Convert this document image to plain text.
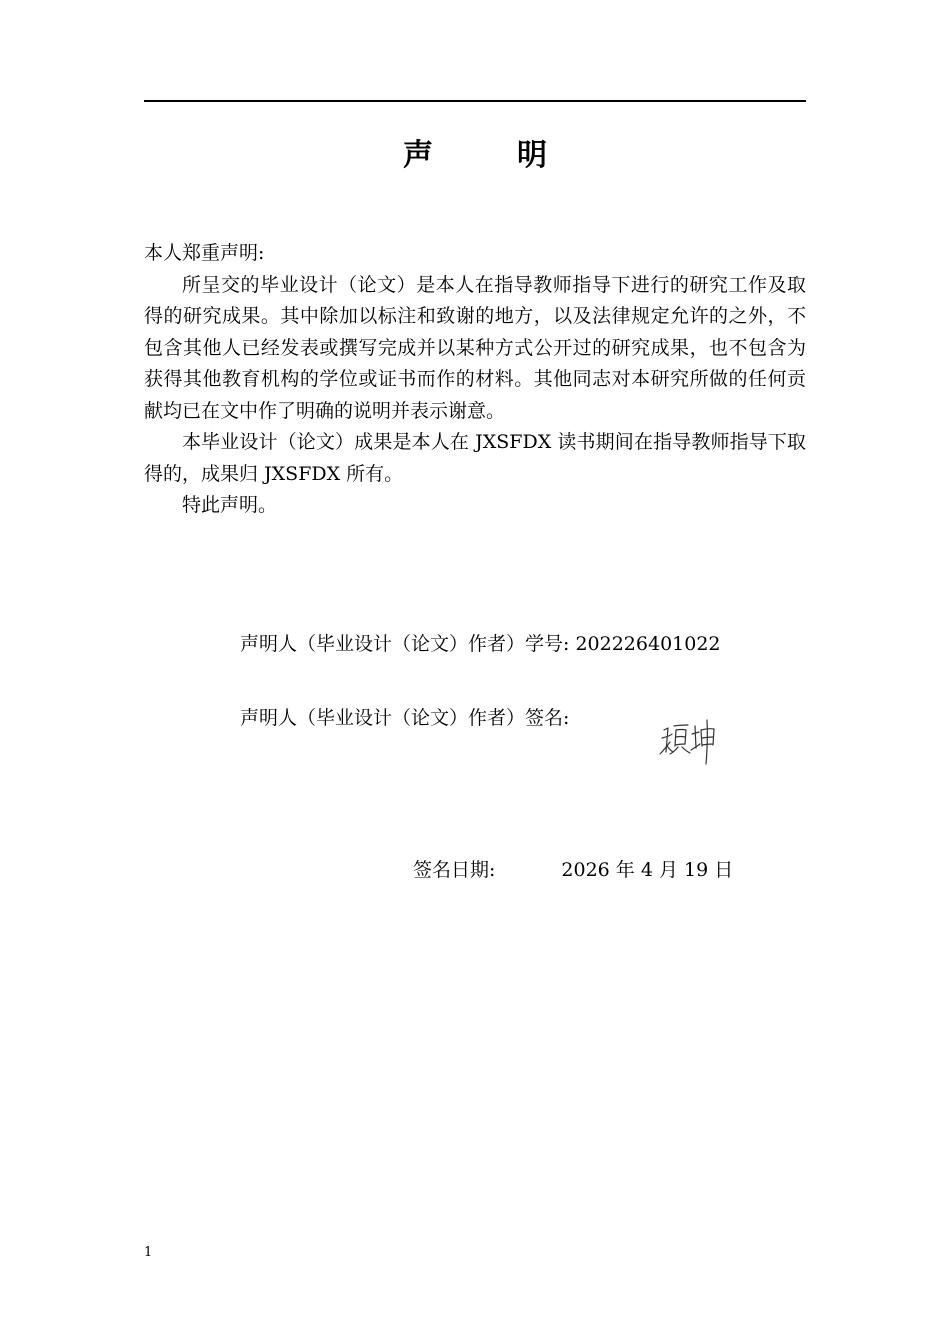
声	明

本人郑重声明:

所呈交的毕业设计（论文）是本人在指导教师指导下进行的研究工作及取得的研究成果。其中除加以标注和致谢的地方，以及法律规定允许的之外，不包含其他人已经发表或撰写完成并以某种方式公开过的研究成果，也不包含为获得其他教育机构的学位或证书而作的材料。其他同志对本研究所做的任何贡献均已在文中作了明确的说明并表示谢意。

本毕业设计（论文）成果是本人在 JXSFDX 读书期间在指导教师指导下取得的，成果归 JXSFDX 所有。

特此声明。

声明人（毕业设计（论文）作者）学号: 202226401022
声明人（毕业设计（论文）作者）签名:
签名日期:	2026 年 4 月 19 日
1
